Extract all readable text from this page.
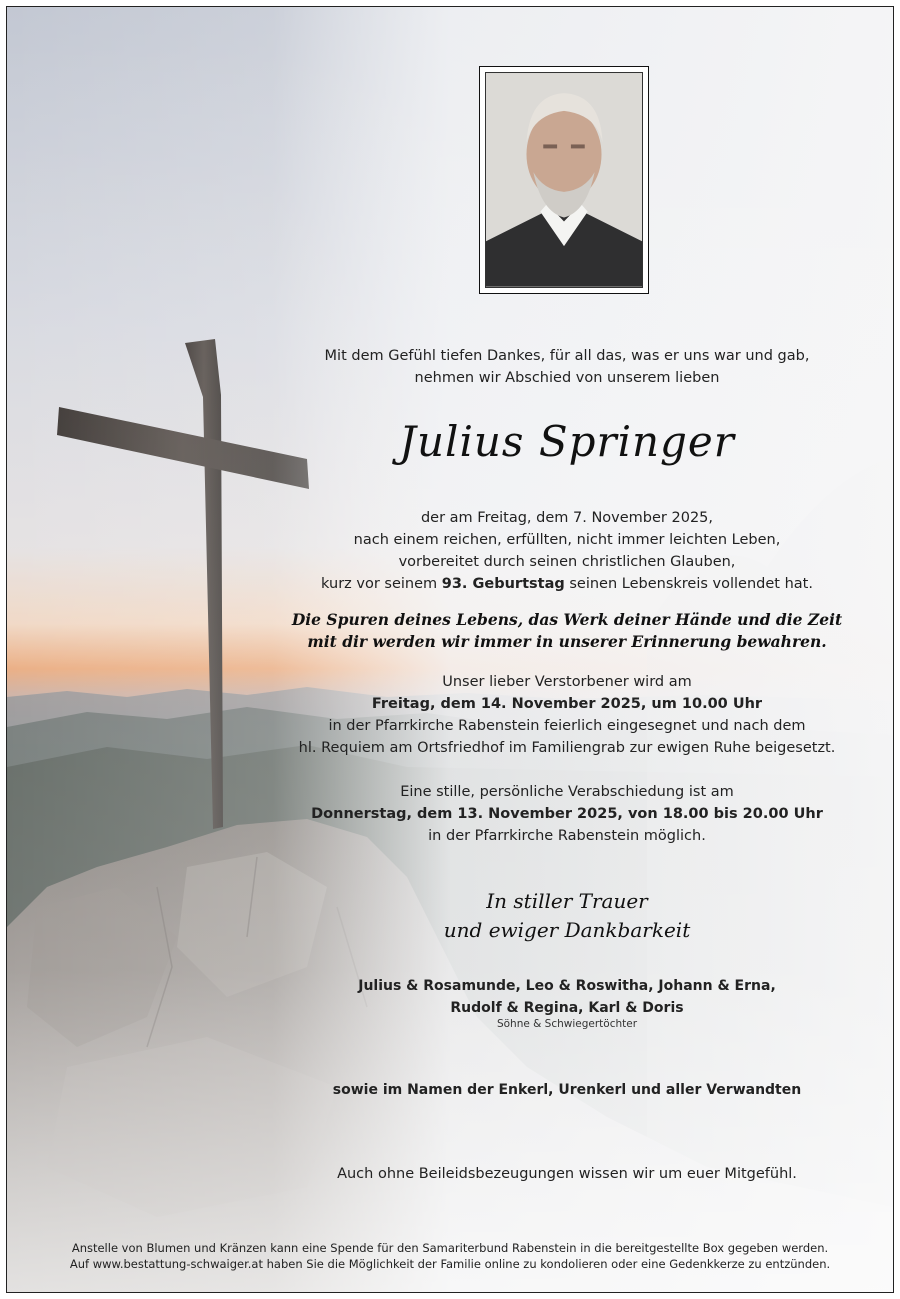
Mit dem Gefühl tiefen Dankes, für all das, was er uns war und gab,
nehmen wir Abschied von unserem lieben
Julius Springer
der am Freitag, dem 7. November 2025,
nach einem reichen, erfüllten, nicht immer leichten Leben,
vorbereitet durch seinen christlichen Glauben,
kurz vor seinem 93. Geburtstag seinen Lebenskreis vollendet hat.
Die Spuren deines Lebens, das Werk deiner Hände und die Zeit
mit dir werden wir immer in unserer Erinnerung bewahren.
Unser lieber Verstorbener wird am
Freitag, dem 14. November 2025, um 10.00 Uhr
in der Pfarrkirche Rabenstein feierlich eingesegnet und nach dem
hl. Requiem am Ortsfriedhof im Familiengrab zur ewigen Ruhe beigesetzt.
Eine stille, persönliche Verabschiedung ist am
Donnerstag, dem 13. November 2025, von 18.00 bis 20.00 Uhr
in der Pfarrkirche Rabenstein möglich.
In stiller Trauer
und ewiger Dankbarkeit
Julius & Rosamunde, Leo & Roswitha, Johann & Erna,
Rudolf & Regina, Karl & Doris
Söhne & Schwiegertöchter
sowie im Namen der Enkerl, Urenkerl und aller Verwandten
Auch ohne Beileidsbezeugungen wissen wir um euer Mitgefühl.
Anstelle von Blumen und Kränzen kann eine Spende für den Samariterbund Rabenstein in die bereitgestellte Box gegeben werden.
Auf www.bestattung-schwaiger.at haben Sie die Möglichkeit der Familie online zu kondolieren oder eine Gedenkkerze zu entzünden.
